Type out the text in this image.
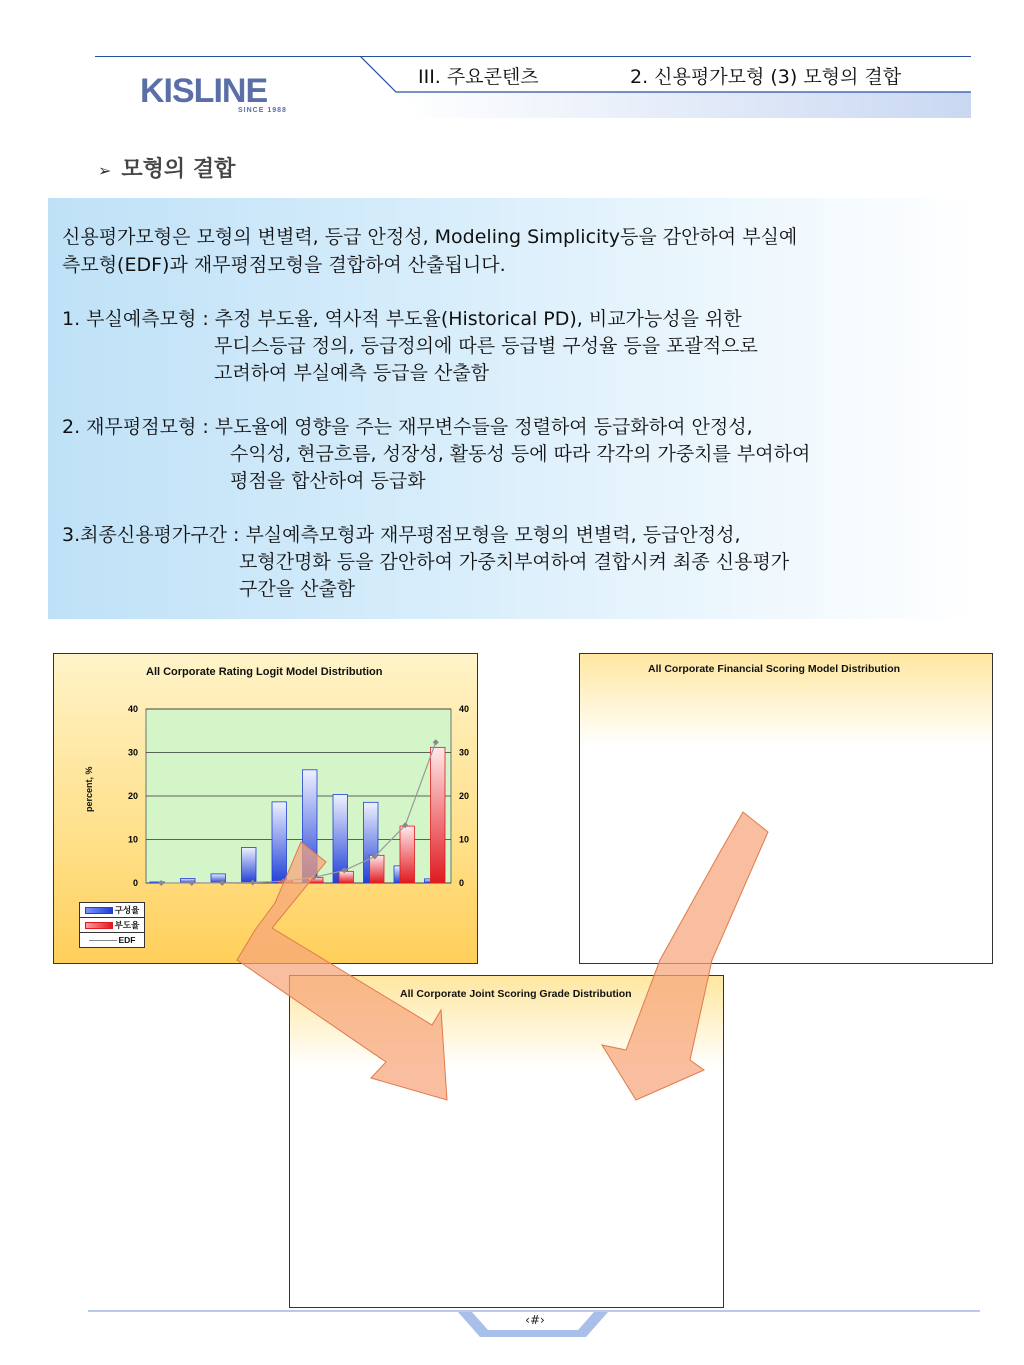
KISLINE
SINCE 1988
III. 주요콘텐츠	2. 신용평가모형 (3) 모형의 결합
➢ 모형의 결합
신용평가모형은 모형의 변별력, 등급 안정성, Modeling Simplicity등을 감안하여 부실예
측모형(EDF)과 재무평점모형을 결합하여 산출됩니다.
1. 부실예측모형 : 추정 부도율, 역사적 부도율(Historical PD), 비교가능성을 위한
무디스등급 정의, 등급정의에 따른 등급별 구성율 등을 포괄적으로
고려하여 부실예측 등급을 산출함
2. 재무평점모형 : 부도율에 영향을 주는 재무변수들을 정렬하여 등급화하여 안정성,
수익성, 현금흐름, 성장성, 활동성 등에 따라 각각의 가중치를 부여하여
평점을 합산하여 등급화
3.최종신용평가구간 : 부실예측모형과 재무평점모형을 모형의 변별력, 등급안정성,
모형간명화 등을 감안하여 가중치부여하여 결합시켜 최종 신용평가
구간을 산출함
All Corporate Rating Logit Model Distribution
0	0
10	10
20	20
30	30
40	40
percent, %
구성율
부도율
EDF
All Corporate Financial Scoring Model Distribution
All Corporate Joint Scoring Grade Distribution
‹#›
